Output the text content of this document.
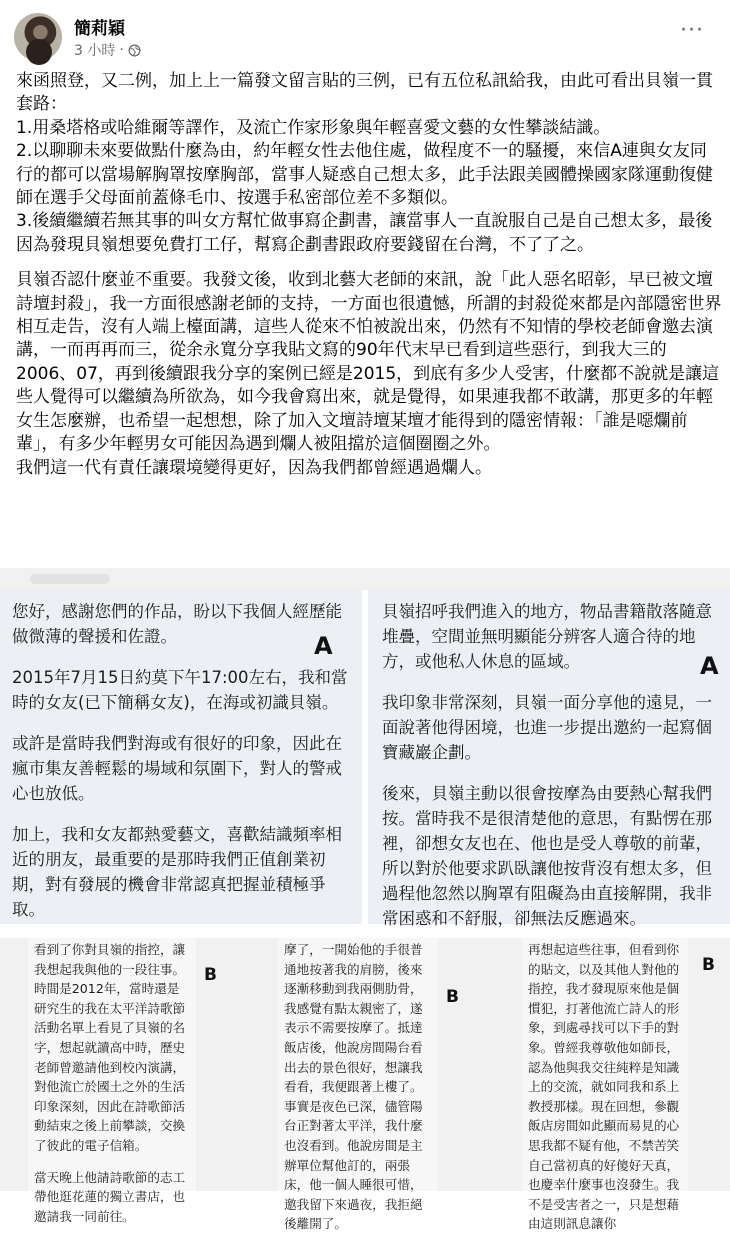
簡莉穎
3 小時 ·
···

來函照登，又二例，加上上一篇發文留言貼的三例，已有五位私訊給我，由此可看出貝嶺一貫套路：

1.用桑塔格或哈維爾等譯作，及流亡作家形象與年輕喜愛文藝的女性攀談結識。

2.以聊聊未來要做點什麼為由，約年輕女性去他住處，做程度不一的騷擾，來信A連與女友同行的都可以當場解胸罩按摩胸部，當事人疑惑自己想太多，此手法跟美國體操國家隊運動復健師在選手父母面前蓋條毛巾、按選手私密部位差不多類似。

3.後續繼續若無其事的叫女方幫忙做事寫企劃書，讓當事人一直說服自己是自己想太多，最後因為發現貝嶺想要免費打工仔，幫寫企劃書跟政府要錢留在台灣，不了了之。

貝嶺否認什麼並不重要。我發文後，收到北藝大老師的來訊，說「此人惡名昭彰，早已被文壇詩壇封殺」，我一方面很感謝老師的支持，一方面也很遺憾，所謂的封殺從來都是內部隱密世界相互走告，沒有人端上檯面講，這些人從來不怕被說出來，仍然有不知情的學校老師會邀去演講，一而再再而三，從余永寬分享我貼文寫的90年代末早已看到這些惡行，到我大三的2006、07，再到後續跟我分享的案例已經是2015，到底有多少人受害，什麼都不說就是讓這些人覺得可以繼續為所欲為，如今我會寫出來，就是覺得，如果連我都不敢講，那更多的年輕女生怎麼辦，也希望一起想想，除了加入文壇詩壇某壇才能得到的隱密情報：「誰是噁爛前輩」，有多少年輕男女可能因為遇到爛人被阻擋於這個圈圈之外。

我們這一代有責任讓環境變得更好，因為我們都曾經遇過爛人。

您好，感謝您們的作品，盼以下我個人經歷能做微薄的聲援和佐證。

2015年7月15日約莫下午17:00左右，我和當時的女友(已下簡稱女友)，在海或初識貝嶺。

或許是當時我們對海或有很好的印象，因此在瘋市集友善輕鬆的場域和氛圍下，對人的警戒心也放低。

加上，我和女友都熱愛藝文，喜歡結識頻率相近的朋友，最重要的是那時我們正值創業初期，對有發展的機會非常認真把握並積極爭取。

A

貝嶺招呼我們進入的地方，物品書籍散落隨意堆疊，空間並無明顯能分辨客人適合待的地方，或他私人休息的區域。

我印象非常深刻，貝嶺一面分享他的遠見，一面說著他得困境，也進一步提出邀約一起寫個寶藏巖企劃。

後來，貝嶺主動以很會按摩為由要熱心幫我們按。當時我不是很清楚他的意思，有點愣在那裡，卻想女友也在、他也是受人尊敬的前輩，所以對於他要求趴臥讓他按背沒有想太多，但過程他忽然以胸罩有阻礙為由直接解開，我非常困惑和不舒服，卻無法反應過來。

A

看到了你對貝嶺的指控，讓我想起我與他的一段往事。時間是2012年，當時還是研究生的我在太平洋詩歌節活動名單上看見了貝嶺的名字，想起就讀高中時，歷史老師曾邀請他到校內演講，對他流亡於國土之外的生活印象深刻，因此在詩歌節活動結束之後上前攀談，交換了彼此的電子信箱。

當天晚上他請詩歌節的志工帶他逛花蓮的獨立書店，也邀請我一同前往。

B

摩了，一開始他的手很普通地按著我的肩膀，後來逐漸移動到我兩側肋骨，我感覺有點太親密了，遂表示不需要按摩了。抵達飯店後，他說房間陽台看出去的景色很好，想讓我看看，我便跟著上樓了。事實是夜色已深，儘管陽台正對著太平洋，我什麼也沒看到。他說房間是主辦單位幫他訂的，兩張床，他一個人睡很可惜，邀我留下來過夜，我拒絕後離開了。

B

再想起這些往事，但看到你的貼文，以及其他人對他的指控，我才發現原來他是個慣犯，打著他流亡詩人的形象，到處尋找可以下手的對象。曾經我尊敬他如師長，認為他與我交往純粹是知識上的交流，就如同我和系上教授那樣。現在回想，參觀飯店房間如此顯而易見的心思我都不疑有他，不禁苦笑自己當初真的好傻好天真，也慶幸什麼事也沒發生。我不是受害者之一，只是想藉由這則訊息讓你

B
